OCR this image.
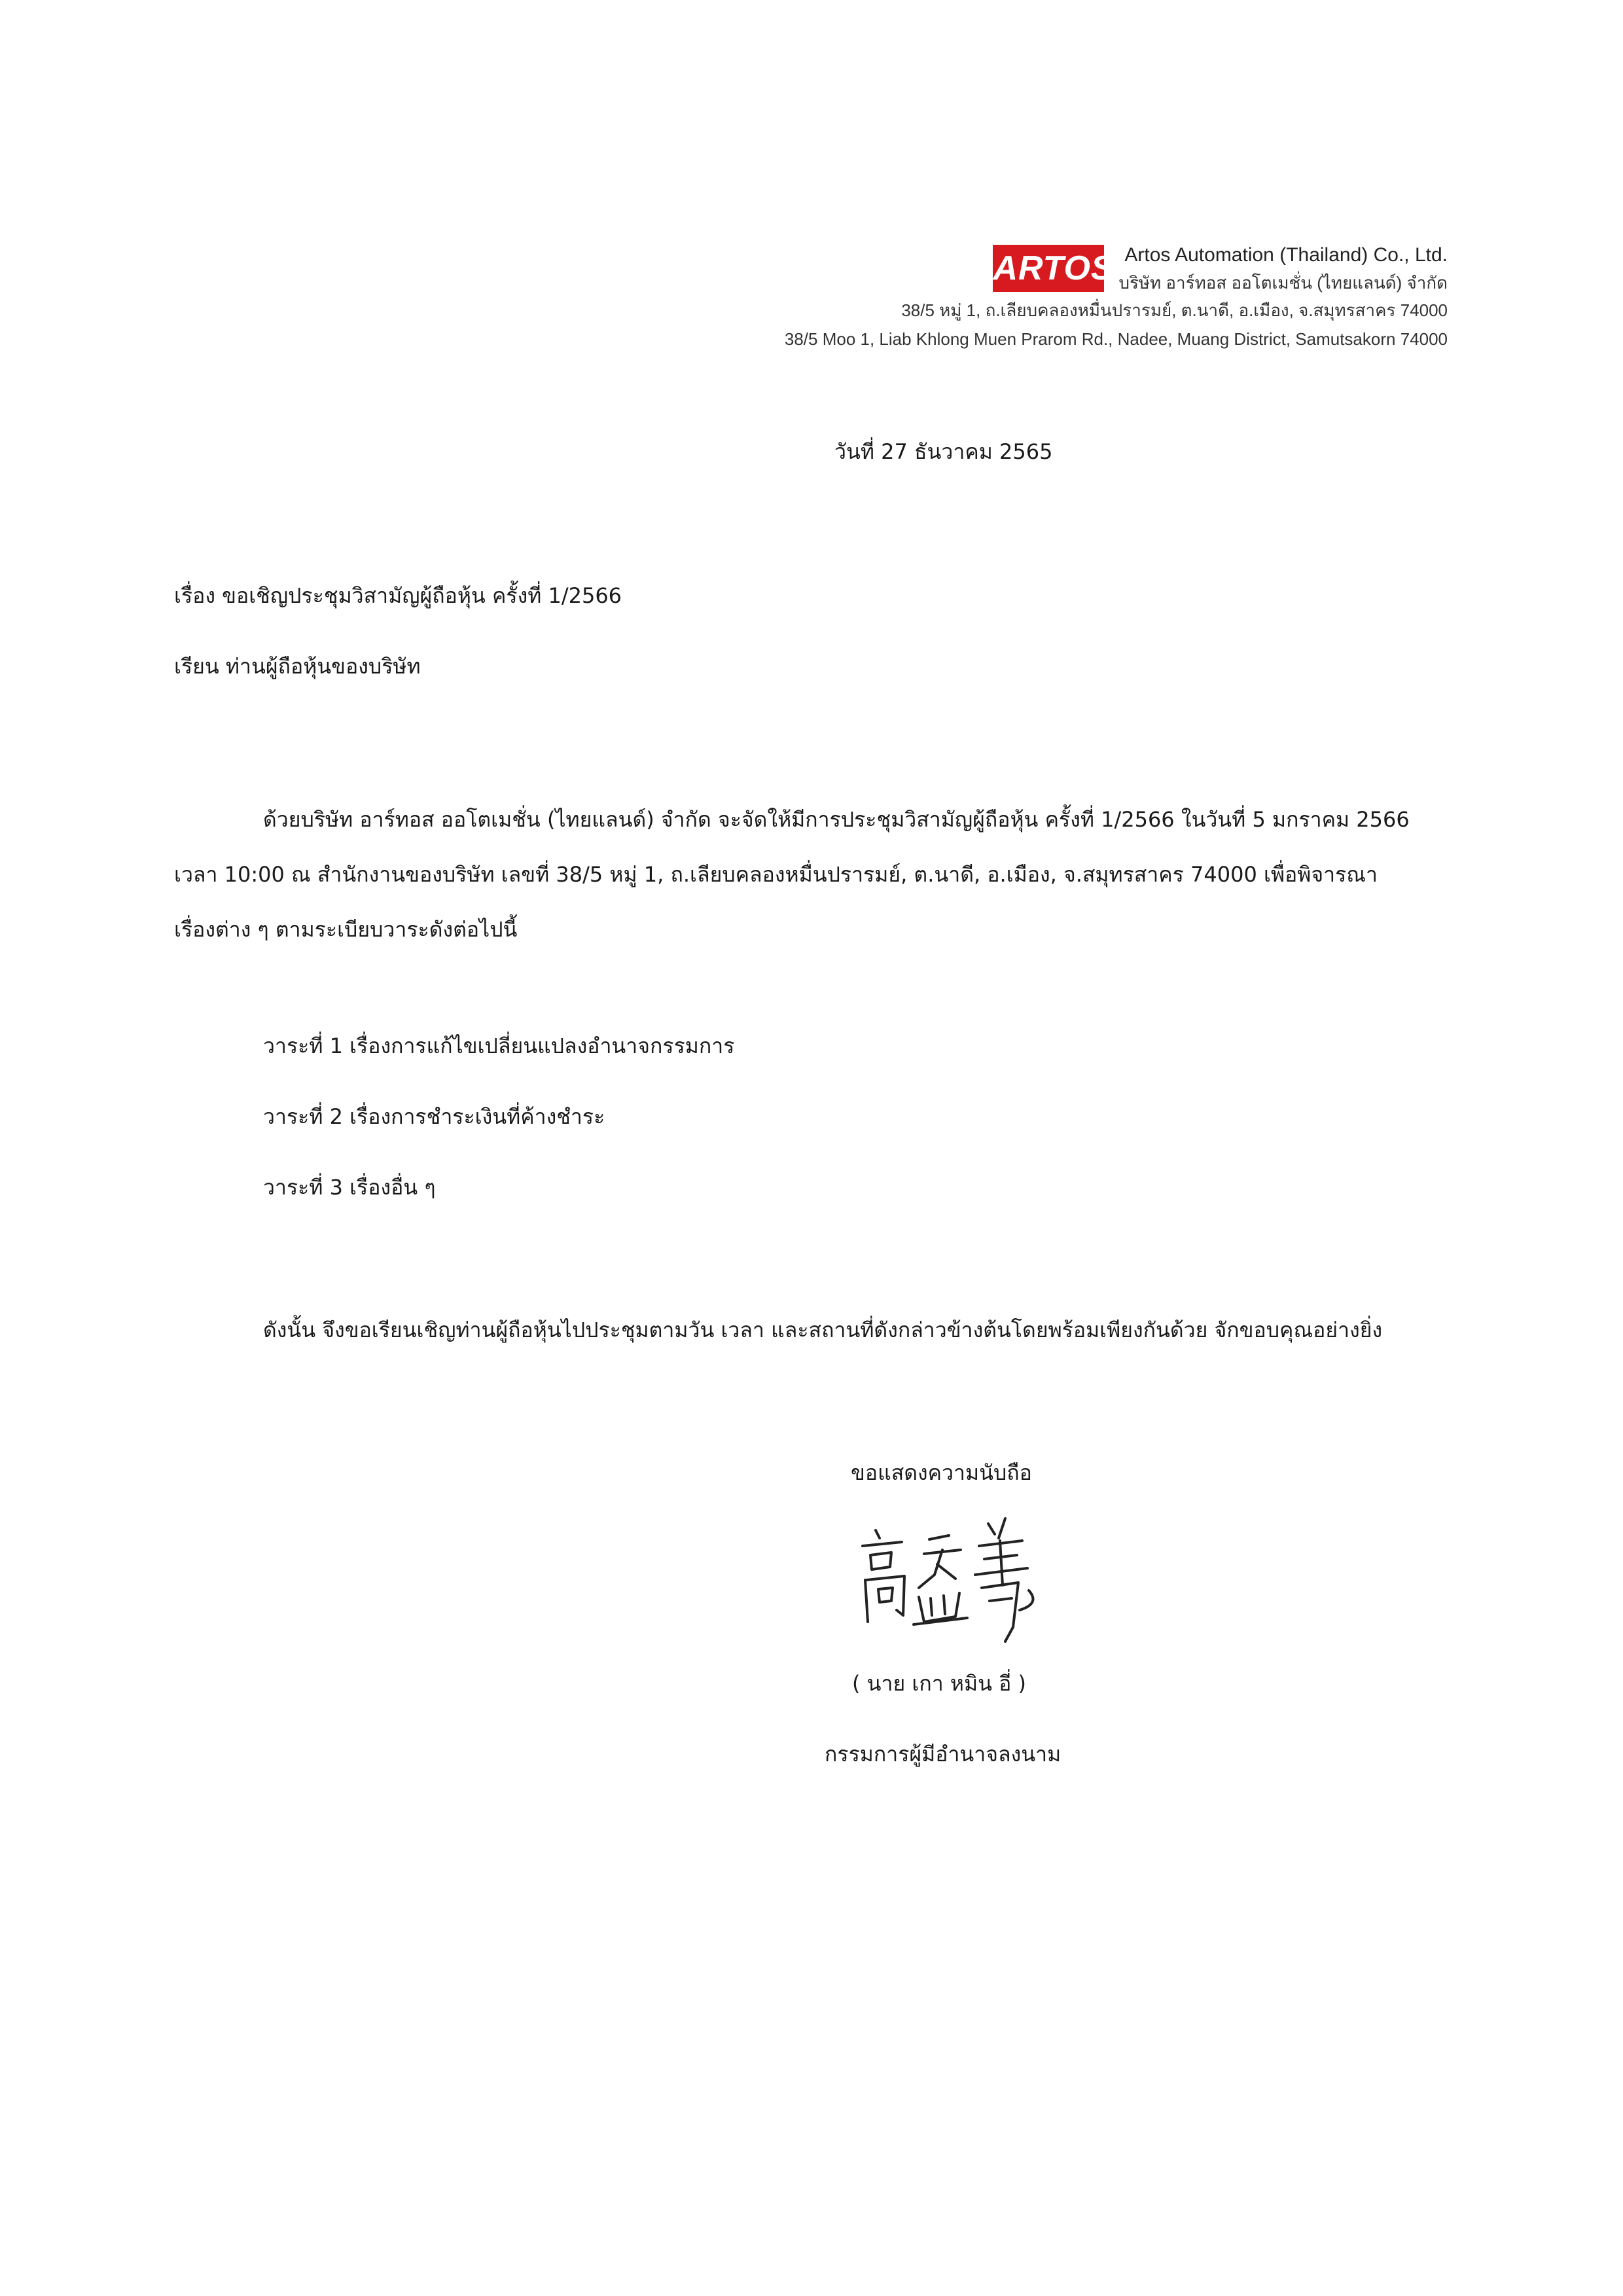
ARTOS Artos Automation (Thailand) Co., Ltd.
บริษัท อาร์ทอส ออโตเมชั่น (ไทยแลนด์) จำกัด
38/5 หมู่ 1, ถ.เลียบคลองหมื่นปรารมย์, ต.นาดี, อ.เมือง, จ.สมุทรสาคร 74000
38/5 Moo 1, Liab Khlong Muen Prarom Rd., Nadee, Muang District, Samutsakorn 74000
วันที่ 27 ธันวาคม 2565
เรื่อง ขอเชิญประชุมวิสามัญผู้ถือหุ้น ครั้งที่ 1/2566
เรียน ท่านผู้ถือหุ้นของบริษัท
ด้วยบริษัท อาร์ทอส ออโตเมชั่น (ไทยแลนด์) จำกัด จะจัดให้มีการประชุมวิสามัญผู้ถือหุ้น ครั้งที่ 1/2566 ในวันที่ 5 มกราคม 2566
เวลา 10:00 ณ สำนักงานของบริษัท เลขที่ 38/5 หมู่ 1, ถ.เลียบคลองหมื่นปรารมย์, ต.นาดี, อ.เมือง, จ.สมุทรสาคร 74000 เพื่อพิจารณา
เรื่องต่าง ๆ ตามระเบียบวาระดังต่อไปนี้
วาระที่ 1 เรื่องการแก้ไขเปลี่ยนแปลงอำนาจกรรมการ
วาระที่ 2 เรื่องการชำระเงินที่ค้างชำระ
วาระที่ 3 เรื่องอื่น ๆ
ดังนั้น จึงขอเรียนเชิญท่านผู้ถือหุ้นไปประชุมตามวัน เวลา และสถานที่ดังกล่าวข้างต้นโดยพร้อมเพียงกันด้วย จักขอบคุณอย่างยิ่ง
ขอแสดงความนับถือ
( นาย เกา หมิน อี่ )
กรรมการผู้มีอำนาจลงนาม
